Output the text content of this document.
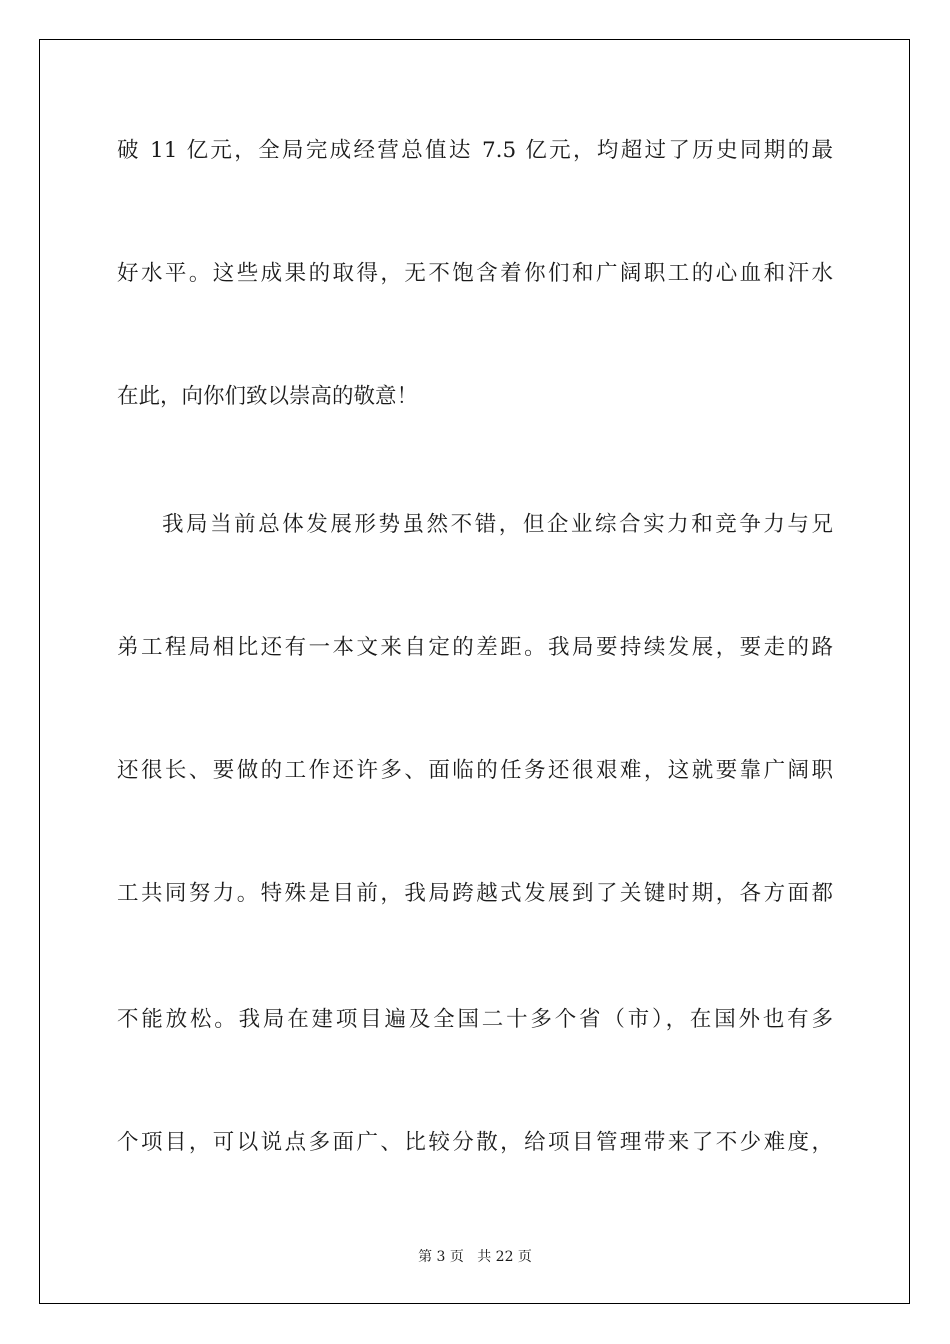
破 11 亿元，全局完成经营总值达 7.5 亿元，均超过了历史同期的最

好水平。这些成果的取得，无不饱含着你们和广阔职工的心血和汗水

在此，向你们致以崇高的敬意！

我局当前总体发展形势虽然不错，但企业综合实力和竞争力与兄

弟工程局相比还有一本文来自定的差距。我局要持续发展，要走的路

还很长、要做的工作还许多、面临的任务还很艰难，这就要靠广阔职

工共同努力。特殊是目前，我局跨越式发展到了关键时期，各方面都

不能放松。我局在建项目遍及全国二十多个省（市），在国外也有多

个项目，可以说点多面广、比较分散，给项目管理带来了不少难度，

第 3 页   共 22 页
